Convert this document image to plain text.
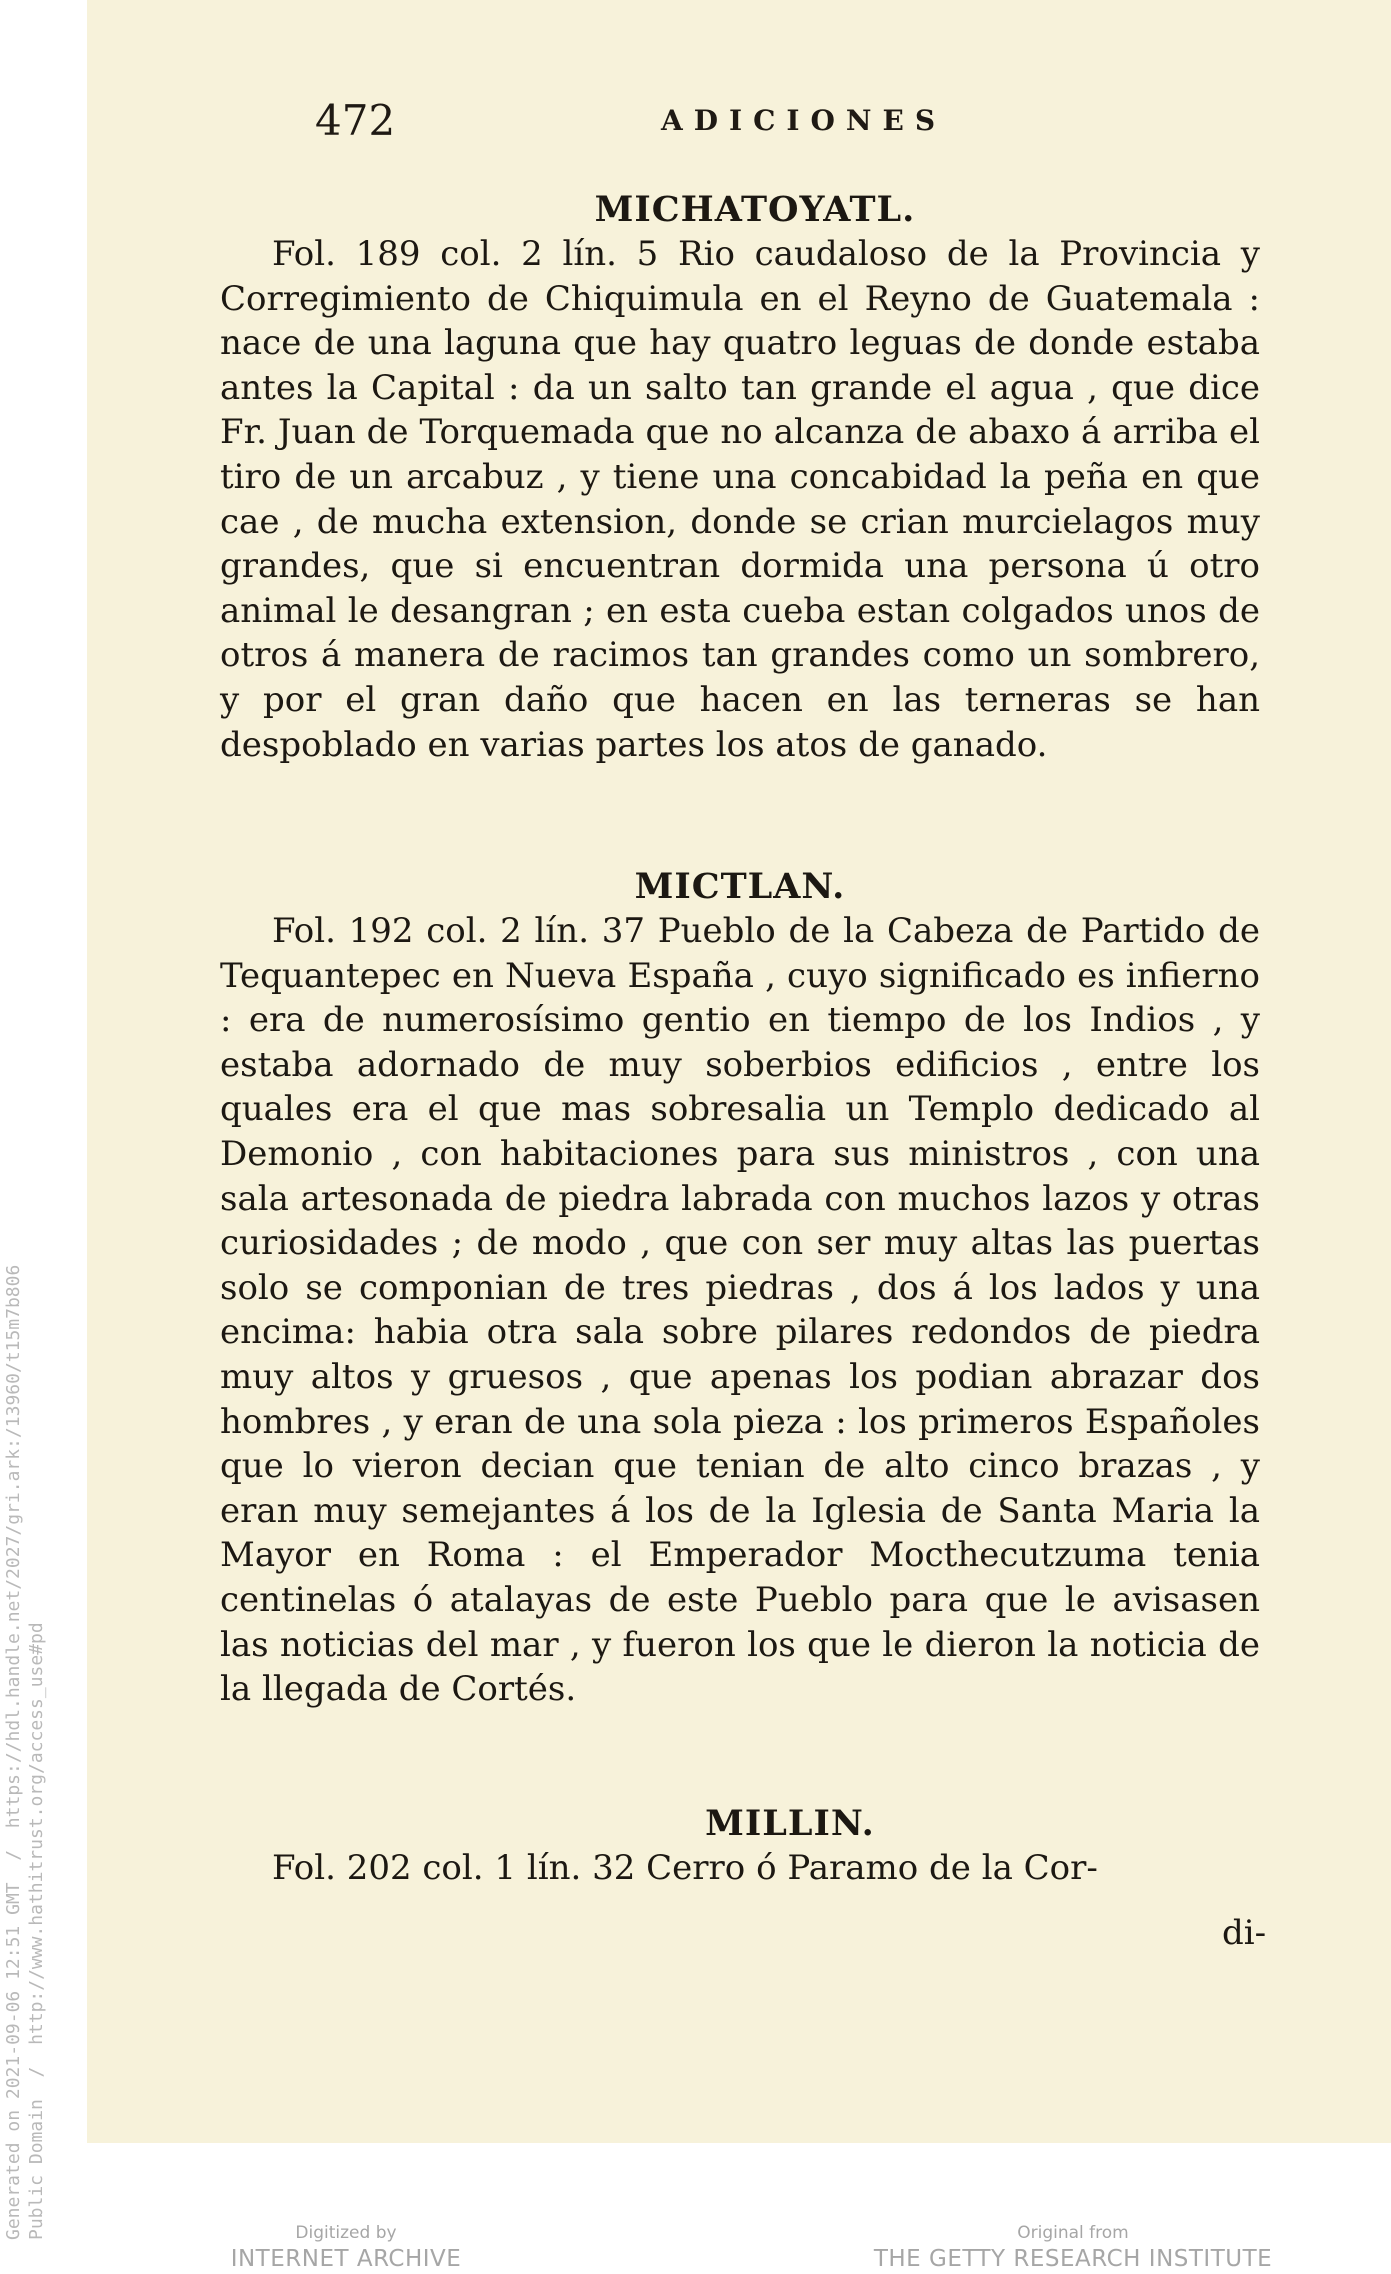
472	ADICIONES
MICHATOYATL.

Fol. 189 col. 2 lín. 5 Rio caudaloso de la Provincia y Corregimiento de Chiquimula en el Reyno de Guatemala : nace de una laguna que hay quatro leguas de donde estaba antes la Capital : da un salto tan grande el agua , que dice Fr. Juan de Torquemada que no alcanza de abaxo á arriba el tiro de un arcabuz , y tiene una concabidad la peña en que cae , de mucha extension, donde se crian murcielagos muy grandes, que si encuentran dormida una persona ú otro animal le desangran ; en esta cueba estan colgados unos de otros á manera de racimos tan grandes como un sombrero, y por el gran daño que hacen en las terneras se han despoblado en varias partes los atos de ganado.

MICTLAN.

Fol. 192 col. 2 lín. 37 Pueblo de la Cabeza de Partido de Tequantepec en Nueva España , cuyo significado es infierno : era de numerosísimo gentio en tiempo de los Indios , y estaba adornado de muy soberbios edificios , entre los quales era el que mas sobresalia un Templo dedicado al Demonio , con habitaciones para sus ministros , con una sala artesonada de piedra labrada con muchos lazos y otras curiosidades ; de modo , que con ser muy altas las puertas solo se componian de tres piedras , dos á los lados y una encima: habia otra sala sobre pilares redondos de piedra muy altos y gruesos , que apenas los podian abrazar dos hombres , y eran de una sola pieza : los primeros Españoles que lo vieron decian que tenian de alto cinco brazas , y eran muy semejantes á los de la Iglesia de Santa Maria la Mayor en Roma : el Emperador Mocthecutzuma tenia centinelas ó atalayas de este Pueblo para que le avisasen las noticias del mar , y fueron los que le dieron la noticia de la llegada de Cortés.

MILLIN.

Fol. 202 col. 1 lín. 32 Cerro ó Paramo de la Cor-

di-
Generated on 2021-09-06 12:51 GMT  /  https://hdl.handle.net/2027/gri.ark:/13960/t15m7b806 Public Domain  /  http://www.hathitrust.org/access_use#pd	Digitized by
INTERNET ARCHIVE
Original from
THE GETTY RESEARCH INSTITUTE
